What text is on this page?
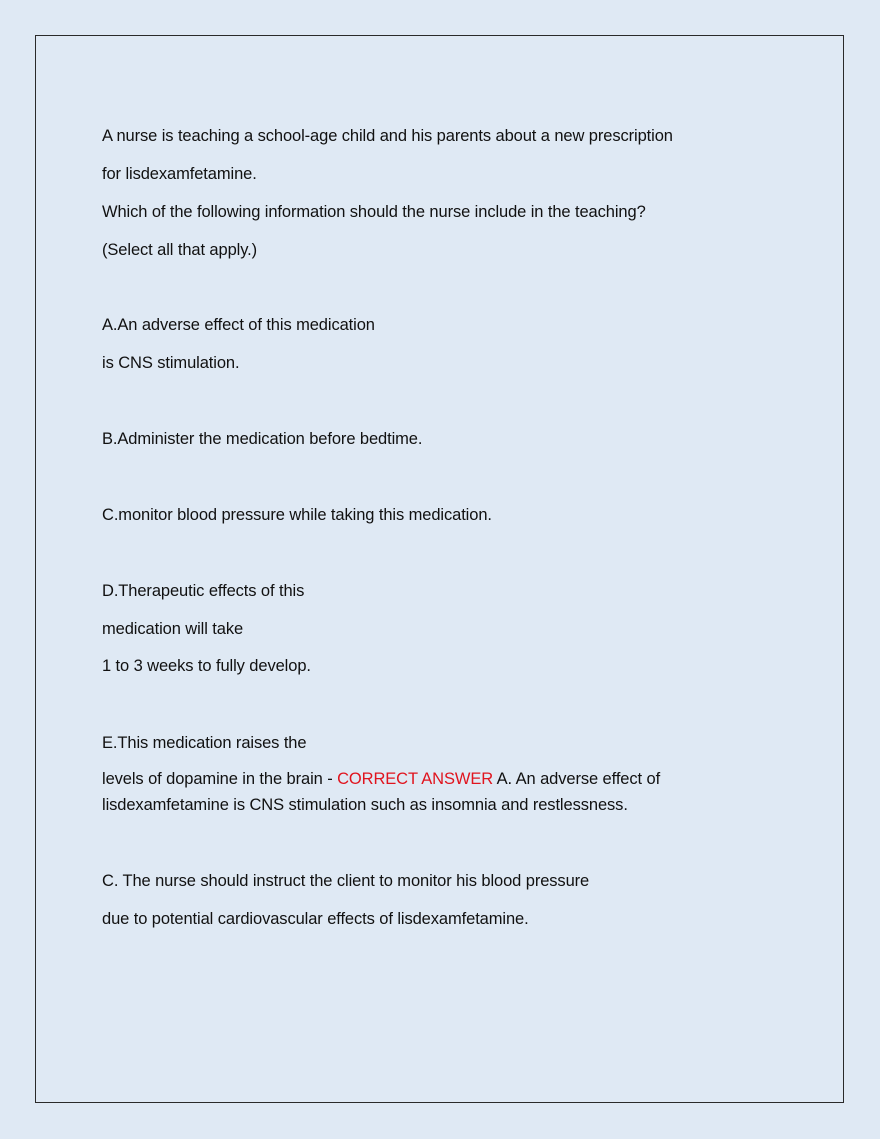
A nurse is teaching a school-age child and his parents about a new prescription
for lisdexamfetamine.
Which of the following information should the nurse include in the teaching?
(Select all that apply.)
A.An adverse effect of this medication
is CNS stimulation.
B.Administer the medication before bedtime.
C.monitor blood pressure while taking this medication.
D.Therapeutic effects of this
medication will take
1 to 3 weeks to fully develop.
E.This medication raises the
levels of dopamine in the brain - CORRECT ANSWER A. An adverse effect of
lisdexamfetamine is CNS stimulation such as insomnia and restlessness.
C. The nurse should instruct the client to monitor his blood pressure
due to potential cardiovascular effects of lisdexamfetamine.
